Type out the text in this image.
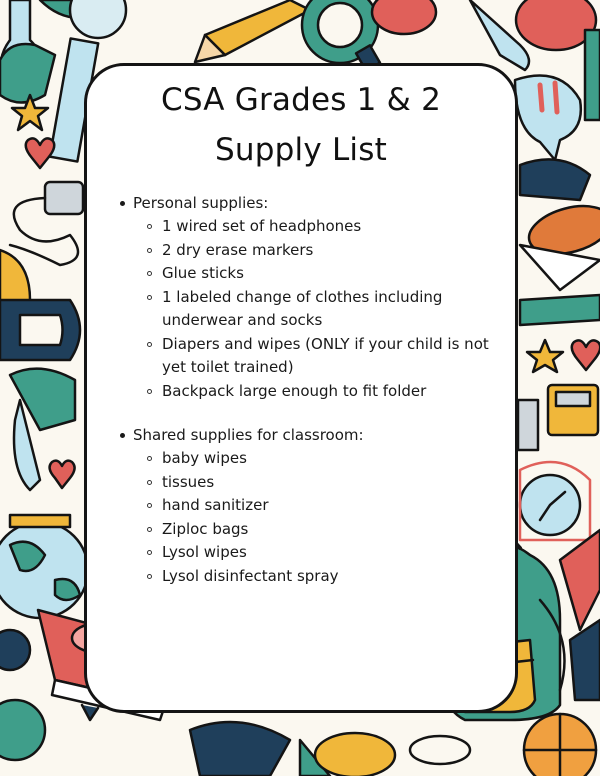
CSA Grades 1 & 2
Supply List
Personal supplies:
1 wired set of headphones
2 dry erase markers
Glue sticks
1 labeled change of clothes including
underwear and socks
Diapers and wipes (ONLY if your child is not
yet toilet trained)
Backpack large enough to fit folder
Shared supplies for classroom:
baby wipes
tissues
hand sanitizer
Ziploc bags
Lysol wipes
Lysol disinfectant spray
